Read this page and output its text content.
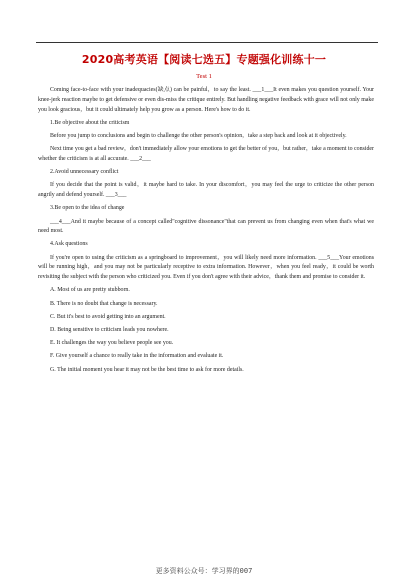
2020高考英语【阅读七选五】专题强化训练十一
Test 1

Coming face-to-face with your inadequacies(缺点) can be painful，to say the least. ___1___It even makes you question yourself. Your knee-jerk reaction maybe to get defensive or even dis-miss the critique entirely. But handling negative feedback with grace will not only make you look gracious，but it could ultimately help you grow as a person. Here's how to do it.

1.Be objective about the criticism

Before you jump to conclusions and begin to challenge the other person's opinion，take a step back and look at it objectively.

Next time you get a bad review，don't immediately allow your emotions to get the better of you，but rather，take a moment to consider whether the criticism is at all accurate. ___2___

2.Avoid unnecessary conflict

If you decide that the point is valid，it maybe hard to take. In your discomfort，you may feel the urge to criticize the other person angrily and defend yourself. ___3___

3.Be open to the idea of change

___4___And it maybe because of a concept called"cognitive dissonance"that can prevent us from changing even when that's what we need most.

4.Ask questions

If you're open to using the criticism as a springboard to improvement，you will likely need more information. ___5___Your emotions will be running high，and you may not be particularly receptive to extra information. However，when you feel ready，it could be worth revisiting the subject with the person who criticized you. Even if you don't agree with their advice，thank them and promise to consider it.

A. Most of us are pretty stubborn.

B. There is no doubt that change is necessary.

C. But it's best to avoid getting into an argument.

D. Being sensitive to criticism leads you nowhere.

E. It challenges the way you believe people see you.

F. Give yourself a chance to really take in the information and evaluate it.

G. The initial moment you hear it may not be the best time to ask for more details.

更多资料公众号：学习界的007
